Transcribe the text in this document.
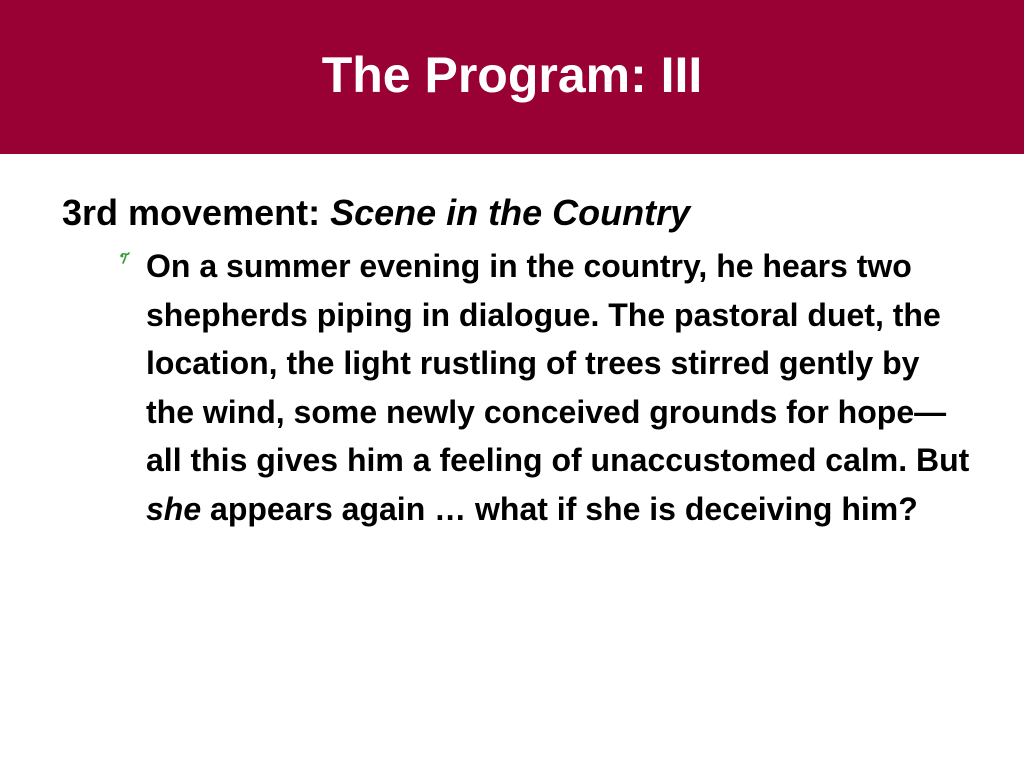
The Program: III

3rd movement: Scene in the Country

On a summer evening in the country, he hears two shepherds piping in dialogue. The pastoral duet, the location, the light rustling of trees stirred gently by the wind, some newly conceived grounds for hope—all this gives him a feeling of unaccustomed calm. But she appears again … what if she is deceiving him?
